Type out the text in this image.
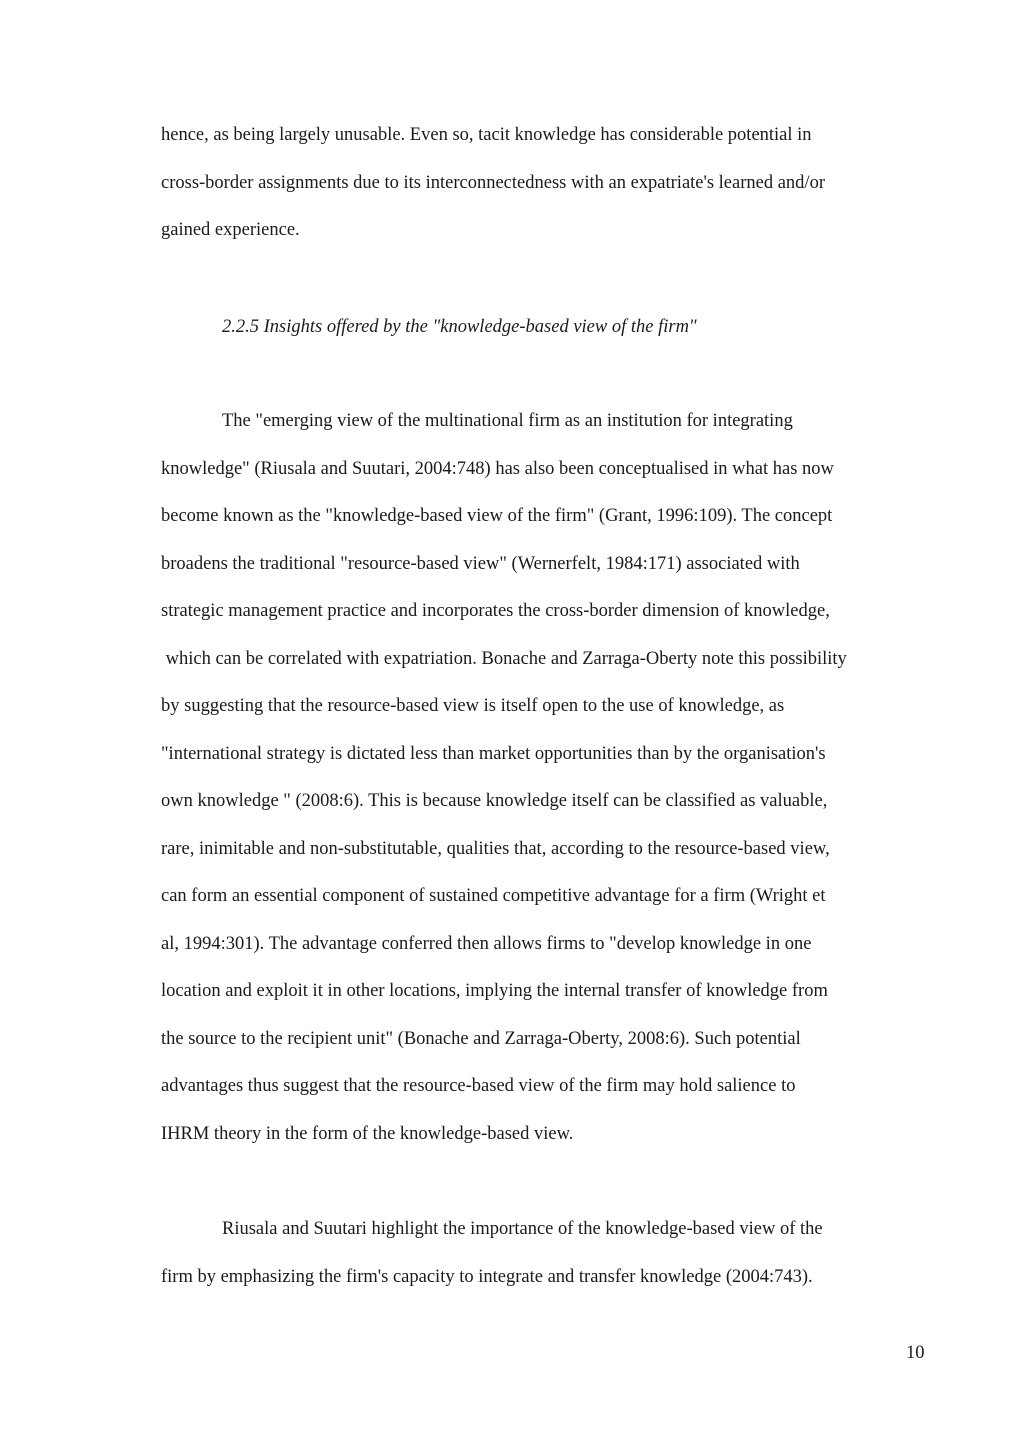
hence, as being largely unusable. Even so, tacit knowledge has considerable potential in

cross-border assignments due to its interconnectedness with an expatriate's learned and/or

gained experience.

2.2.5 Insights offered by the "knowledge-based view of the firm"

The "emerging view of the multinational firm as an institution for integrating

knowledge" (Riusala and Suutari, 2004:748) has also been conceptualised in what has now

become known as the "knowledge-based view of the firm" (Grant, 1996:109). The concept

broadens the traditional "resource-based view" (Wernerfelt, 1984:171) associated with

strategic management practice and incorporates the cross-border dimension of knowledge,

which can be correlated with expatriation. Bonache and Zarraga-Oberty note this possibility

by suggesting that the resource-based view is itself open to the use of knowledge, as

"international strategy is dictated less than market opportunities than by the organisation's

own knowledge " (2008:6). This is because knowledge itself can be classified as valuable,

rare, inimitable and non-substitutable, qualities that, according to the resource-based view,

can form an essential component of sustained competitive advantage for a firm (Wright et

al, 1994:301). The advantage conferred then allows firms to "develop knowledge in one

location and exploit it in other locations, implying the internal transfer of knowledge from

the source to the recipient unit" (Bonache and Zarraga-Oberty, 2008:6). Such potential

advantages thus suggest that the resource-based view of the firm may hold salience to

IHRM theory in the form of the knowledge-based view.

Riusala and Suutari highlight the importance of the knowledge-based view of the

firm by emphasizing the firm's capacity to integrate and transfer knowledge (2004:743).

10
